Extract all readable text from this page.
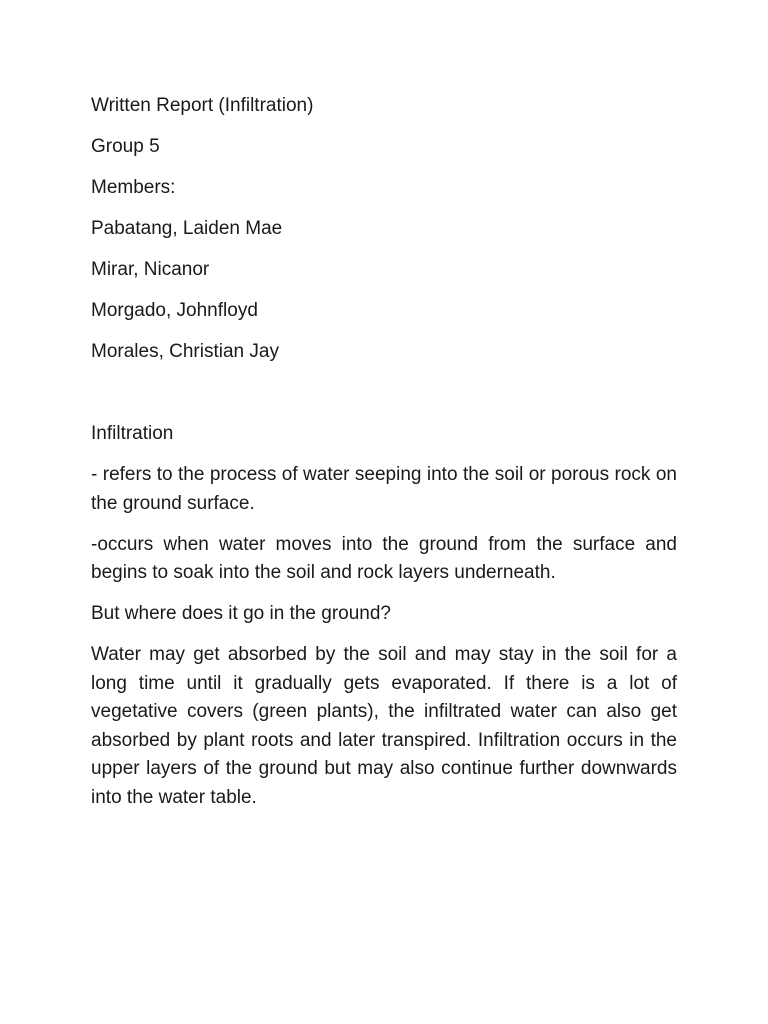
Written Report (Infiltration)

Group 5

Members:

Pabatang, Laiden Mae

Mirar, Nicanor

Morgado, Johnfloyd

Morales, Christian Jay

Infiltration

- refers to the process of water seeping into the soil or porous rock on the ground surface.

-occurs when water moves into the ground from the surface and begins to soak into the soil and rock layers underneath.

But where does it go in the ground?

Water may get absorbed by the soil and may stay in the soil for a long time until it gradually gets evaporated. If there is a lot of vegetative covers (green plants), the infiltrated water can also get absorbed by plant roots and later transpired. Infiltration occurs in the upper layers of the ground but may also continue further downwards into the water table.
